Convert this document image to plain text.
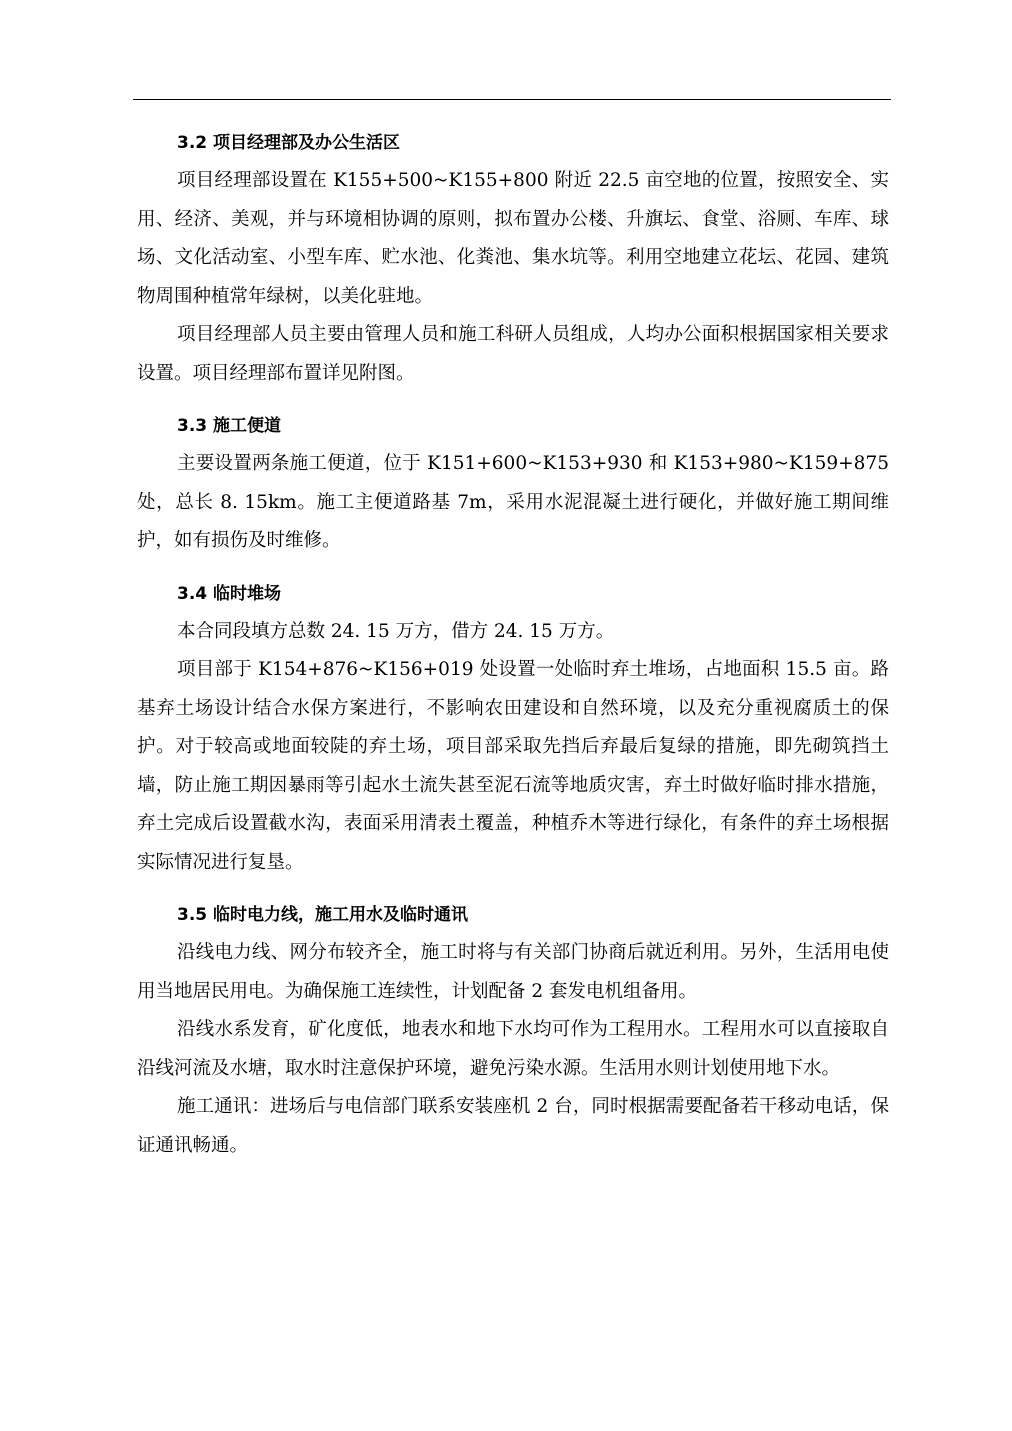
3.2 项目经理部及办公生活区

项目经理部设置在 K155+500~K155+800 附近 22.5 亩空地的位置，按照安全、实用、经济、美观，并与环境相协调的原则，拟布置办公楼、升旗坛、食堂、浴厕、车库、球场、文化活动室、小型车库、贮水池、化粪池、集水坑等。利用空地建立花坛、花园、建筑物周围种植常年绿树，以美化驻地。

项目经理部人员主要由管理人员和施工科研人员组成，人均办公面积根据国家相关要求设置。项目经理部布置详见附图。

3.3 施工便道

主要设置两条施工便道，位于 K151+600~K153+930 和 K153+980~K159+875 处，总长 8. 15km。施工主便道路基 7m，采用水泥混凝土进行硬化，并做好施工期间维护，如有损伤及时维修。

3.4 临时堆场

本合同段填方总数 24. 15 万方，借方 24. 15 万方。

项目部于 K154+876~K156+019 处设置一处临时弃土堆场，占地面积 15.5 亩。路基弃土场设计结合水保方案进行，不影响农田建设和自然环境，以及充分重视腐质土的保护。对于较高或地面较陡的弃土场，项目部采取先挡后弃最后复绿的措施，即先砌筑挡土墙，防止施工期因暴雨等引起水土流失甚至泥石流等地质灾害，弃土时做好临时排水措施，弃土完成后设置截水沟，表面采用清表土覆盖，种植乔木等进行绿化，有条件的弃土场根据实际情况进行复垦。

3.5 临时电力线，施工用水及临时通讯

沿线电力线、网分布较齐全，施工时将与有关部门协商后就近利用。另外，生活用电使用当地居民用电。为确保施工连续性，计划配备 2 套发电机组备用。

沿线水系发育，矿化度低，地表水和地下水均可作为工程用水。工程用水可以直接取自沿线河流及水塘，取水时注意保护环境，避免污染水源。生活用水则计划使用地下水。

施工通讯：进场后与电信部门联系安装座机 2 台，同时根据需要配备若干移动电话，保证通讯畅通。
